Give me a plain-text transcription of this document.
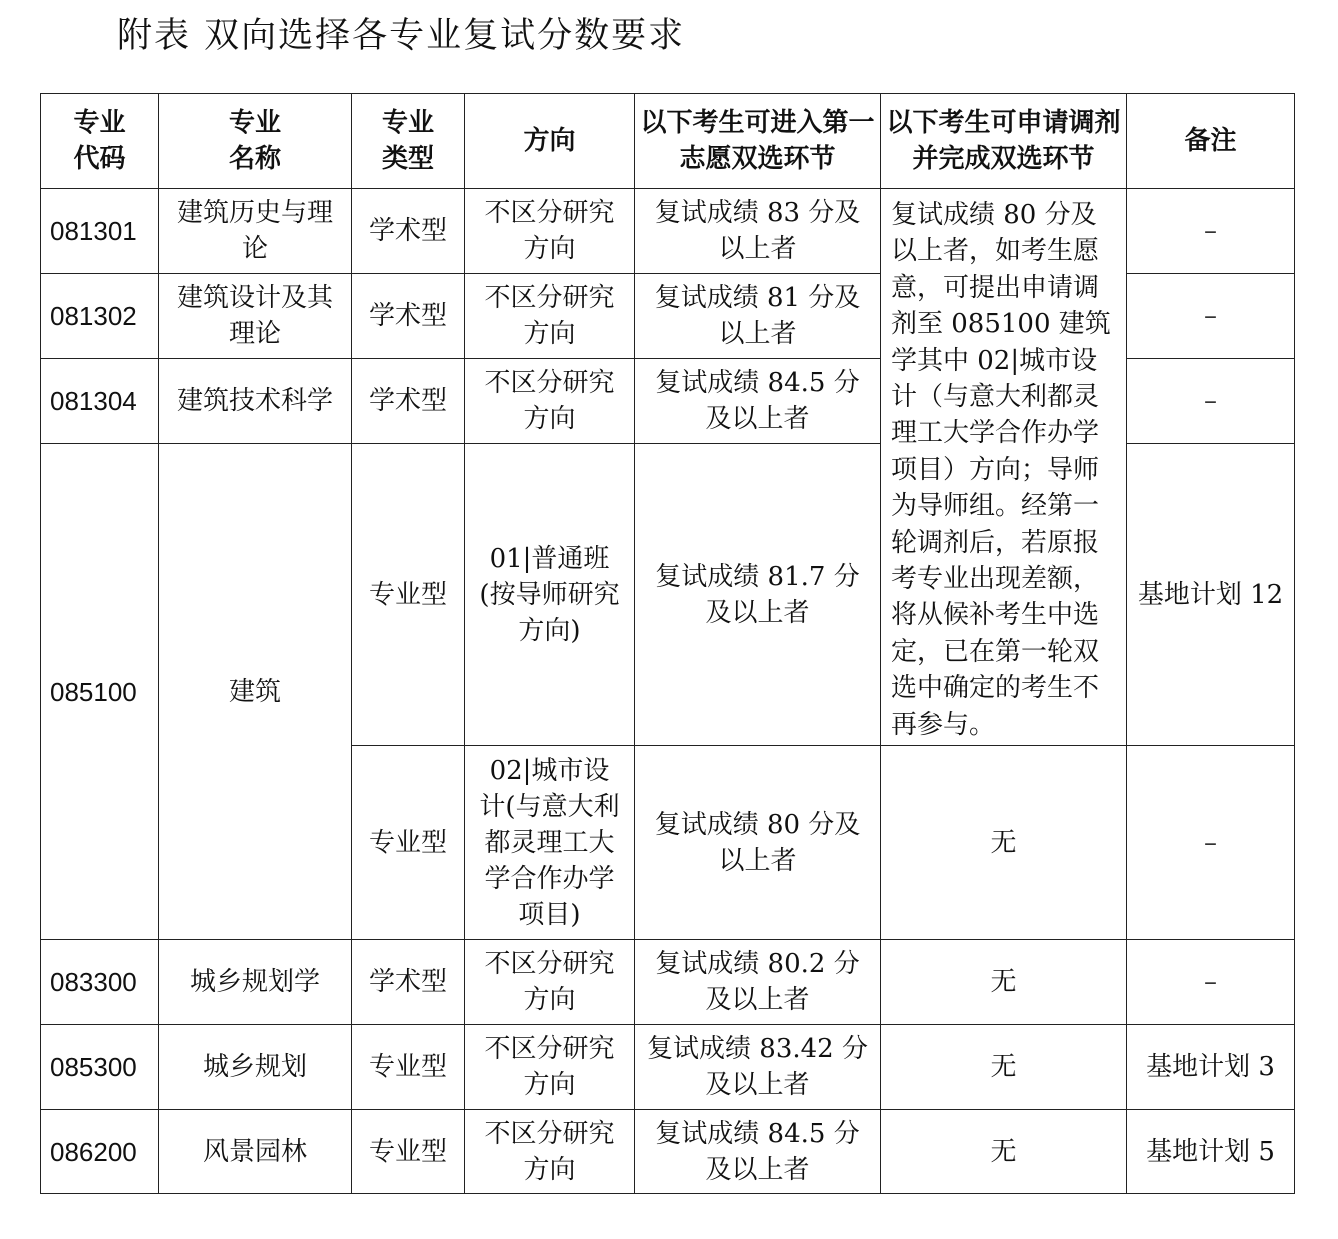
附表 双向选择各专业复试分数要求
专业代码	专业名称	专业类型	方向	以下考生可进入第一志愿双选环节	以下考生可申请调剂并完成双选环节	备注
081301	建筑历史与理论	学术型	不区分研究方向	复试成绩 83 分及以上者	复试成绩 80 分及以上者，如考生愿意，可提出申请调剂至 085100 建筑学其中 02|城市设计（与意大利都灵理工大学合作办学项目）方向；导师为导师组。经第一轮调剂后，若原报考专业出现差额，将从候补考生中选定，已在第一轮双选中确定的考生不再参与。	–
081302	建筑设计及其理论	学术型	不区分研究方向	复试成绩 81 分及以上者		–
081304	建筑技术科学	学术型	不区分研究方向	复试成绩 84.5 分及以上者		–
085100	建筑	专业型	01|普通班(按导师研究方向)	复试成绩 81.7 分及以上者		基地计划 12
		专业型	02|城市设计(与意大利都灵理工大学合作办学项目)	复试成绩 80 分及以上者	无	–
083300	城乡规划学	学术型	不区分研究方向	复试成绩 80.2 分及以上者	无	–
085300	城乡规划	专业型	不区分研究方向	复试成绩 83.42 分及以上者	无	基地计划 3
086200	风景园林	专业型	不区分研究方向	复试成绩 84.5 分及以上者	无	基地计划 5
